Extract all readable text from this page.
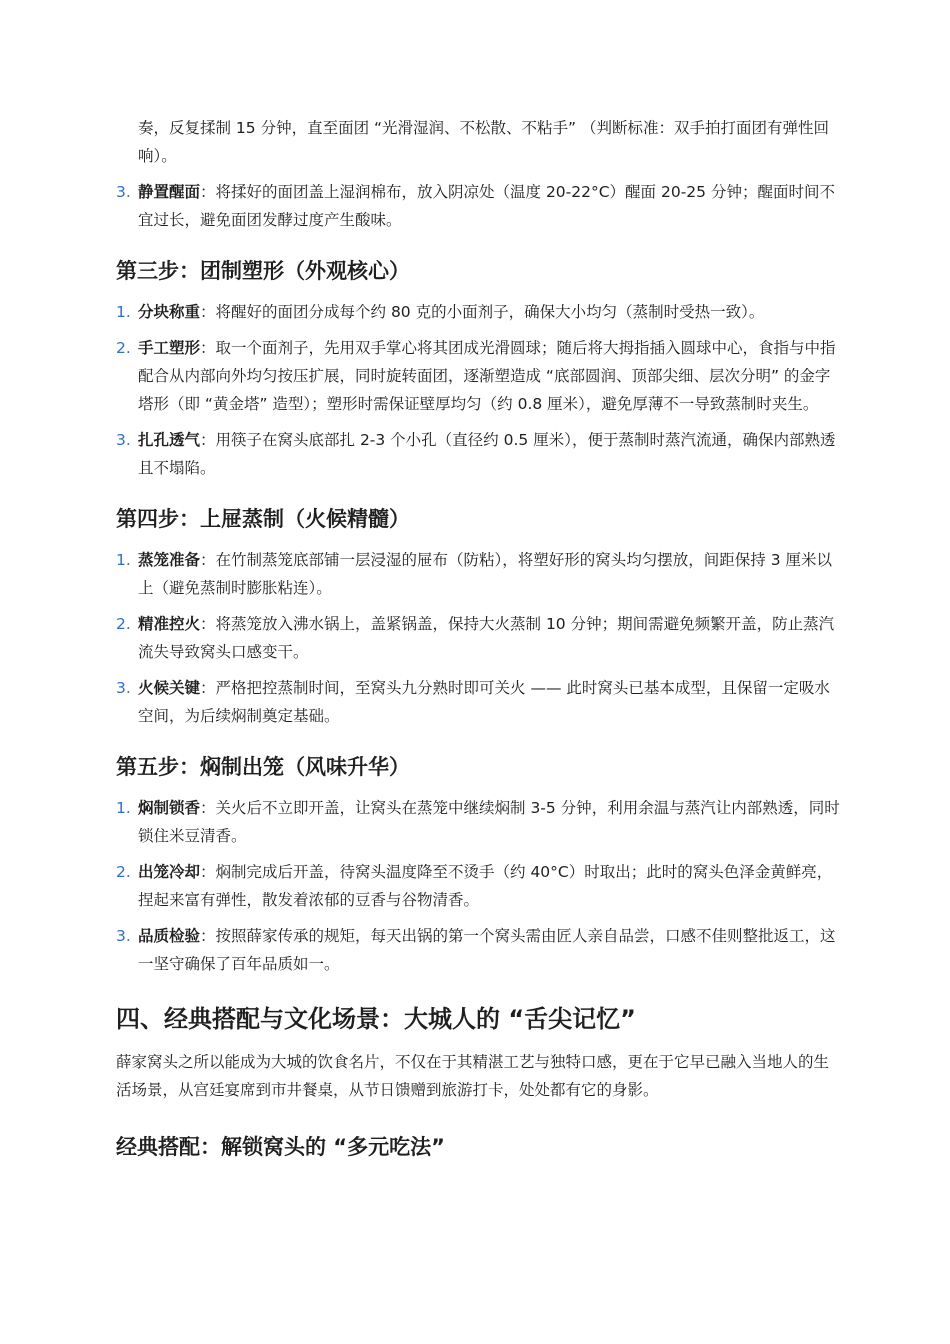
奏，反复揉制 15 分钟，直至面团 “光滑湿润、不松散、不粘手” （判断标准：双手拍打面团有弹性回响）。
3. 静置醒面：将揉好的面团盖上湿润棉布，放入阴凉处（温度 20-22°C）醒面 20-25 分钟；醒面时间不宜过长，避免面团发酵过度产生酸味。
第三步：团制塑形（外观核心）
1. 分块称重：将醒好的面团分成每个约 80 克的小面剂子，确保大小均匀（蒸制时受热一致）。
2. 手工塑形：取一个面剂子，先用双手掌心将其团成光滑圆球；随后将大拇指插入圆球中心，食指与中指配合从内部向外均匀按压扩展，同时旋转面团，逐渐塑造成 “底部圆润、顶部尖细、层次分明” 的金字塔形（即 “黄金塔” 造型）；塑形时需保证壁厚均匀（约 0.8 厘米），避免厚薄不一导致蒸制时夹生。
3. 扎孔透气：用筷子在窝头底部扎 2-3 个小孔（直径约 0.5 厘米），便于蒸制时蒸汽流通，确保内部熟透且不塌陷。
第四步：上屉蒸制（火候精髓）
1. 蒸笼准备：在竹制蒸笼底部铺一层浸湿的屉布（防粘），将塑好形的窝头均匀摆放，间距保持 3 厘米以上（避免蒸制时膨胀粘连）。
2. 精准控火：将蒸笼放入沸水锅上，盖紧锅盖，保持大火蒸制 10 分钟；期间需避免频繁开盖，防止蒸汽流失导致窝头口感变干。
3. 火候关键：严格把控蒸制时间，至窝头九分熟时即可关火 —— 此时窝头已基本成型，且保留一定吸水空间，为后续焖制奠定基础。
第五步：焖制出笼（风味升华）
1. 焖制锁香：关火后不立即开盖，让窝头在蒸笼中继续焖制 3-5 分钟，利用余温与蒸汽让内部熟透，同时锁住米豆清香。
2. 出笼冷却：焖制完成后开盖，待窝头温度降至不烫手（约 40°C）时取出；此时的窝头色泽金黄鲜亮，捏起来富有弹性，散发着浓郁的豆香与谷物清香。
3. 品质检验：按照薛家传承的规矩，每天出锅的第一个窝头需由匠人亲自品尝，口感不佳则整批返工，这一坚守确保了百年品质如一。
四、经典搭配与文化场景：大城人的 “舌尖记忆”

薛家窝头之所以能成为大城的饮食名片，不仅在于其精湛工艺与独特口感，更在于它早已融入当地人的生活场景，从宫廷宴席到市井餐桌，从节日馈赠到旅游打卡，处处都有它的身影。

经典搭配：解锁窝头的 “多元吃法”
